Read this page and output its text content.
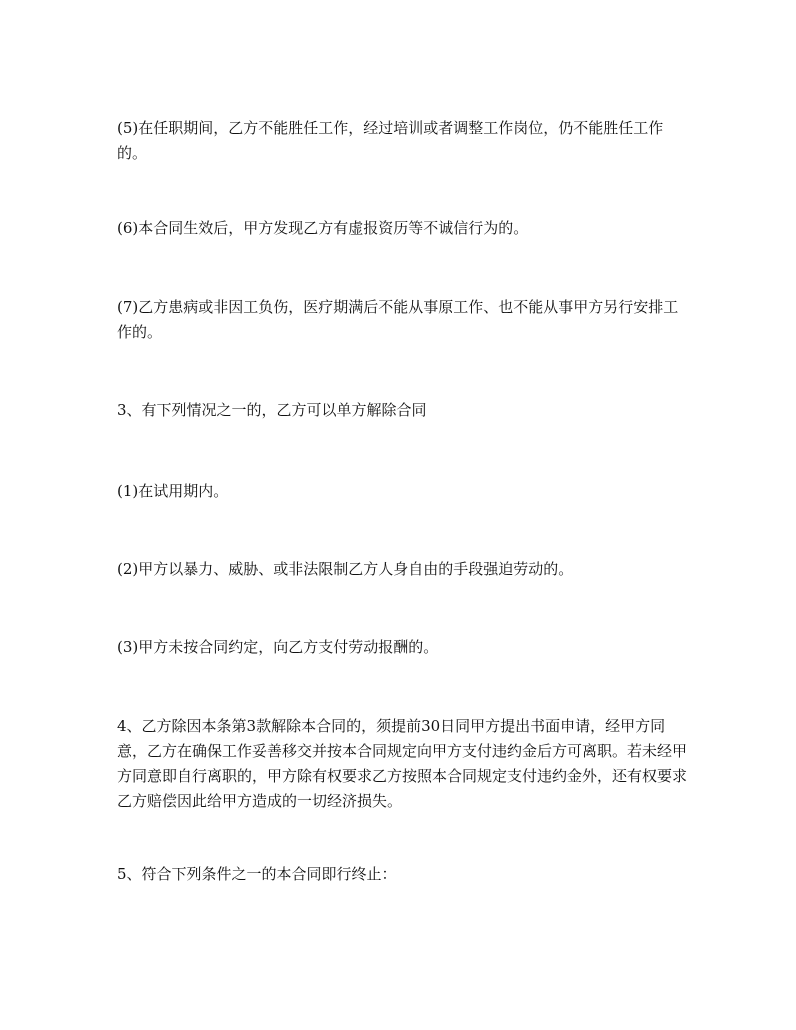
(5)在任职期间，乙方不能胜任工作，经过培训或者调整工作岗位，仍不能胜任工作的。

(6)本合同生效后，甲方发现乙方有虚报资历等不诚信行为的。

(7)乙方患病或非因工负伤，医疗期满后不能从事原工作、也不能从事甲方另行安排工作的。

3、有下列情况之一的，乙方可以单方解除合同

(1)在试用期内。

(2)甲方以暴力、威胁、或非法限制乙方人身自由的手段强迫劳动的。

(3)甲方未按合同约定，向乙方支付劳动报酬的。

4、乙方除因本条第3款解除本合同的，须提前30日同甲方提出书面申请，经甲方同意，乙方在确保工作妥善移交并按本合同规定向甲方支付违约金后方可离职。若未经甲方同意即自行离职的，甲方除有权要求乙方按照本合同规定支付违约金外，还有权要求乙方赔偿因此给甲方造成的一切经济损失。

5、符合下列条件之一的本合同即行终止：
